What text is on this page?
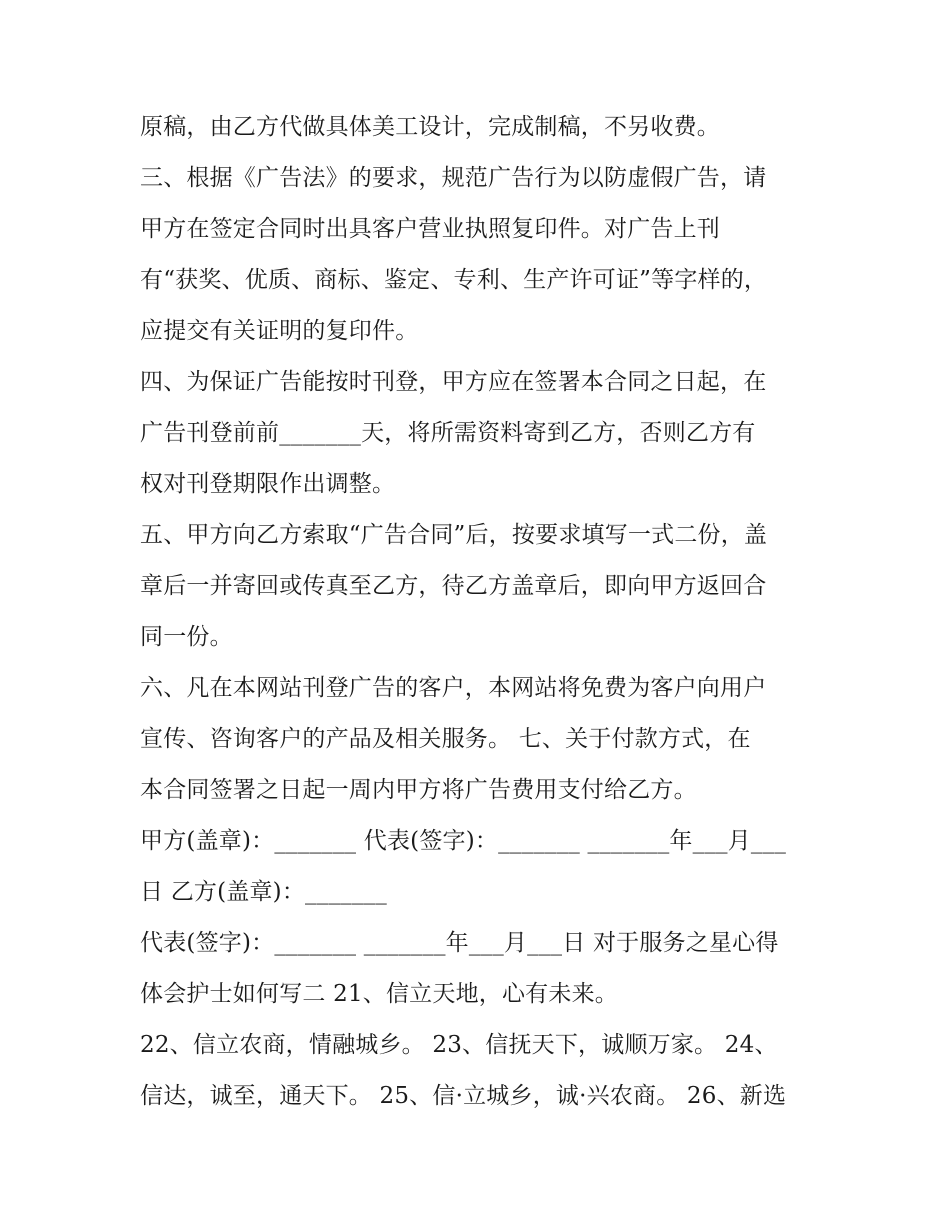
原稿，由乙方代做具体美工设计，完成制稿，不另收费。
三、根据《广告法》的要求，规范广告行为以防虚假广告，请
甲方在签定合同时出具客户营业执照复印件。对广告上刊
有“获奖、优质、商标、鉴定、专利、生产许可证”等字样的，
应提交有关证明的复印件。
四、为保证广告能按时刊登，甲方应在签署本合同之日起，在
广告刊登前前_______天，将所需资料寄到乙方，否则乙方有
权对刊登期限作出调整。
五、甲方向乙方索取“广告合同”后，按要求填写一式二份，盖
章后一并寄回或传真至乙方，待乙方盖章后，即向甲方返回合
同一份。
六、凡在本网站刊登广告的客户，本网站将免费为客户向用户
宣传、咨询客户的产品及相关服务。 七、关于付款方式，在
本合同签署之日起一周内甲方将广告费用支付给乙方。
甲方(盖章)：_______ 代表(签字)：_______ _______年___月___
日 乙方(盖章)：_______
代表(签字)：_______ _______年___月___日 对于服务之星心得
体会护士如何写二 21、信立天地，心有未来。
22、信立农商，情融城乡。 23、信抚天下，诚顺万家。 24、
信达，诚至，通天下。 25、信·立城乡，诚·兴农商。 26、新选
